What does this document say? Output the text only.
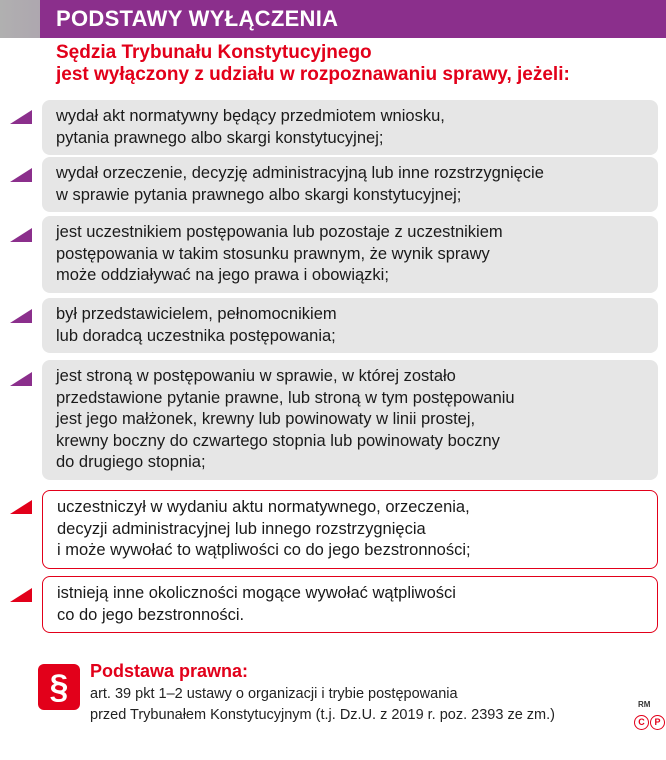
PODSTAWY WYŁĄCZENIA
Sędzia Trybunału Konstytucyjnego
jest wyłączony z udziału w rozpoznawaniu sprawy, jeżeli:

wydał akt normatywny będący przedmiotem wniosku,

pytania prawnego albo skargi konstytucyjnej;

wydał orzeczenie, decyzję administracyjną lub inne rozstrzygnięcie

w sprawie pytania prawnego albo skargi konstytucyjnej;

jest uczestnikiem postępowania lub pozostaje z uczestnikiem

postępowania w takim stosunku prawnym, że wynik sprawy

może oddziaływać na jego prawa i obowiązki;

był przedstawicielem, pełnomocnikiem

lub doradcą uczestnika postępowania;

jest stroną w postępowaniu w sprawie, w której zostało

przedstawione pytanie prawne, lub stroną w tym postępowaniu

jest jego małżonek, krewny lub powinowaty w linii prostej,

krewny boczny do czwartego stopnia lub powinowaty boczny

do drugiego stopnia;

uczestniczył w wydaniu aktu normatywnego, orzeczenia,

decyzji administracyjnej lub innego rozstrzygnięcia

i może wywołać to wątpliwości co do jego bezstronności;

istnieją inne okoliczności mogące wywołać wątpliwości

co do jego bezstronności.

§	Podstawa prawna:
art. 39 pkt 1–2 ustawy o organizacji i trybie postępowania
przed Trybunałem Konstytucyjnym (t.j. Dz.U. z 2019 r. poz. 2393 ze zm.)
RM
C P
